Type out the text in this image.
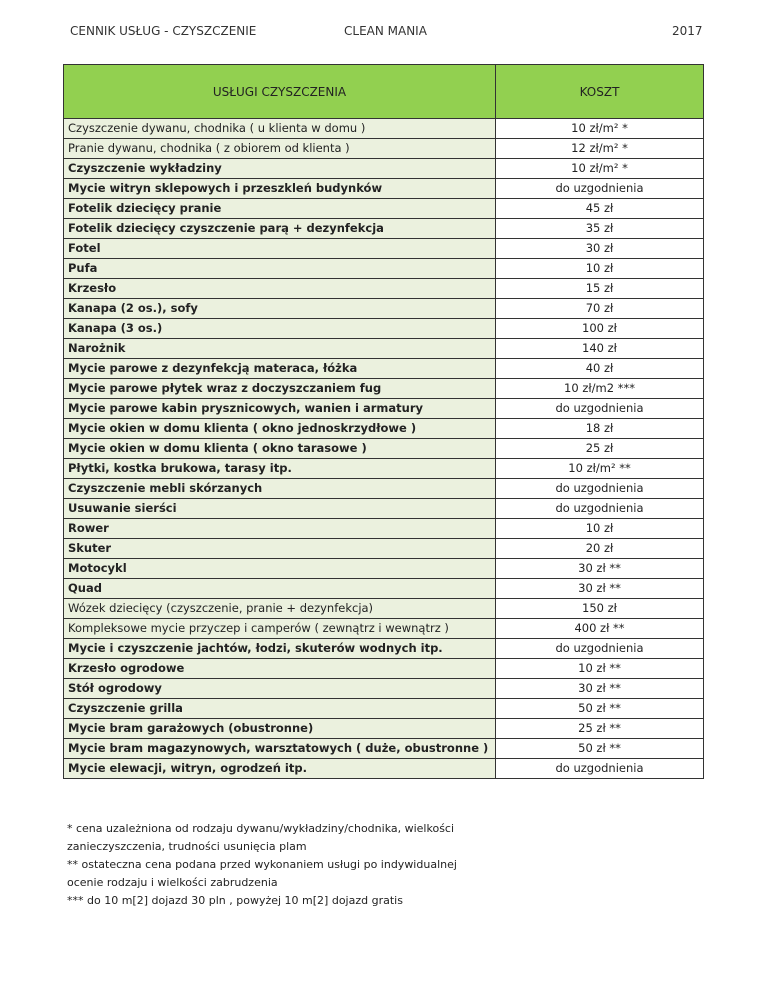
CENNIK USŁUG - CZYSZCZENIE	CLEAN MANIA	2017
USŁUGI CZYSZCZENIA	KOSZT
Czyszczenie dywanu, chodnika ( u klienta w domu )	10 zł/m² *
Pranie dywanu, chodnika ( z obiorem od klienta )	12 zł/m² *
Czyszczenie wykładziny	10 zł/m² *
Mycie witryn sklepowych i przeszkleń budynków	do uzgodnienia
Fotelik dziecięcy pranie	45 zł
Fotelik dziecięcy czyszczenie parą + dezynfekcja	35 zł
Fotel	30 zł
Pufa	10 zł
Krzesło	15 zł
Kanapa (2 os.), sofy	70 zł
Kanapa (3 os.)	100 zł
Narożnik	140 zł
Mycie parowe z dezynfekcją materaca, łóżka	40 zł
Mycie parowe płytek wraz z doczyszczaniem fug	10 zł/m2 ***
Mycie parowe kabin prysznicowych, wanien i armatury	do uzgodnienia
Mycie okien w domu klienta ( okno jednoskrzydłowe )	18 zł
Mycie okien w domu klienta ( okno tarasowe )	25 zł
Płytki, kostka brukowa, tarasy itp.	10 zł/m² **
Czyszczenie mebli skórzanych	do uzgodnienia
Usuwanie sierści	do uzgodnienia
Rower	10 zł
Skuter	20 zł
Motocykl	30 zł **
Quad	30 zł **
Wózek dziecięcy (czyszczenie, pranie + dezynfekcja)	150 zł
Kompleksowe mycie przyczep i camperów ( zewnątrz i wewnątrz )	400 zł **
Mycie i czyszczenie jachtów, łodzi, skuterów wodnych itp.	do uzgodnienia
Krzesło ogrodowe	10 zł **
Stół ogrodowy	30 zł **
Czyszczenie grilla	50 zł **
Mycie bram garażowych (obustronne)	25 zł **
Mycie bram magazynowych, warsztatowych ( duże, obustronne )	50 zł **
Mycie elewacji, witryn, ogrodzeń itp.	do uzgodnienia

* cena uzależniona od rodzaju dywanu/wykładziny/chodnika, wielkości zanieczyszczenia, trudności usunięcia plam

** ostateczna cena podana przed wykonaniem usługi po indywidualnej ocenie rodzaju i wielkości zabrudzenia

*** do 10 m[2] dojazd 30 pln , powyżej 10 m[2] dojazd gratis
